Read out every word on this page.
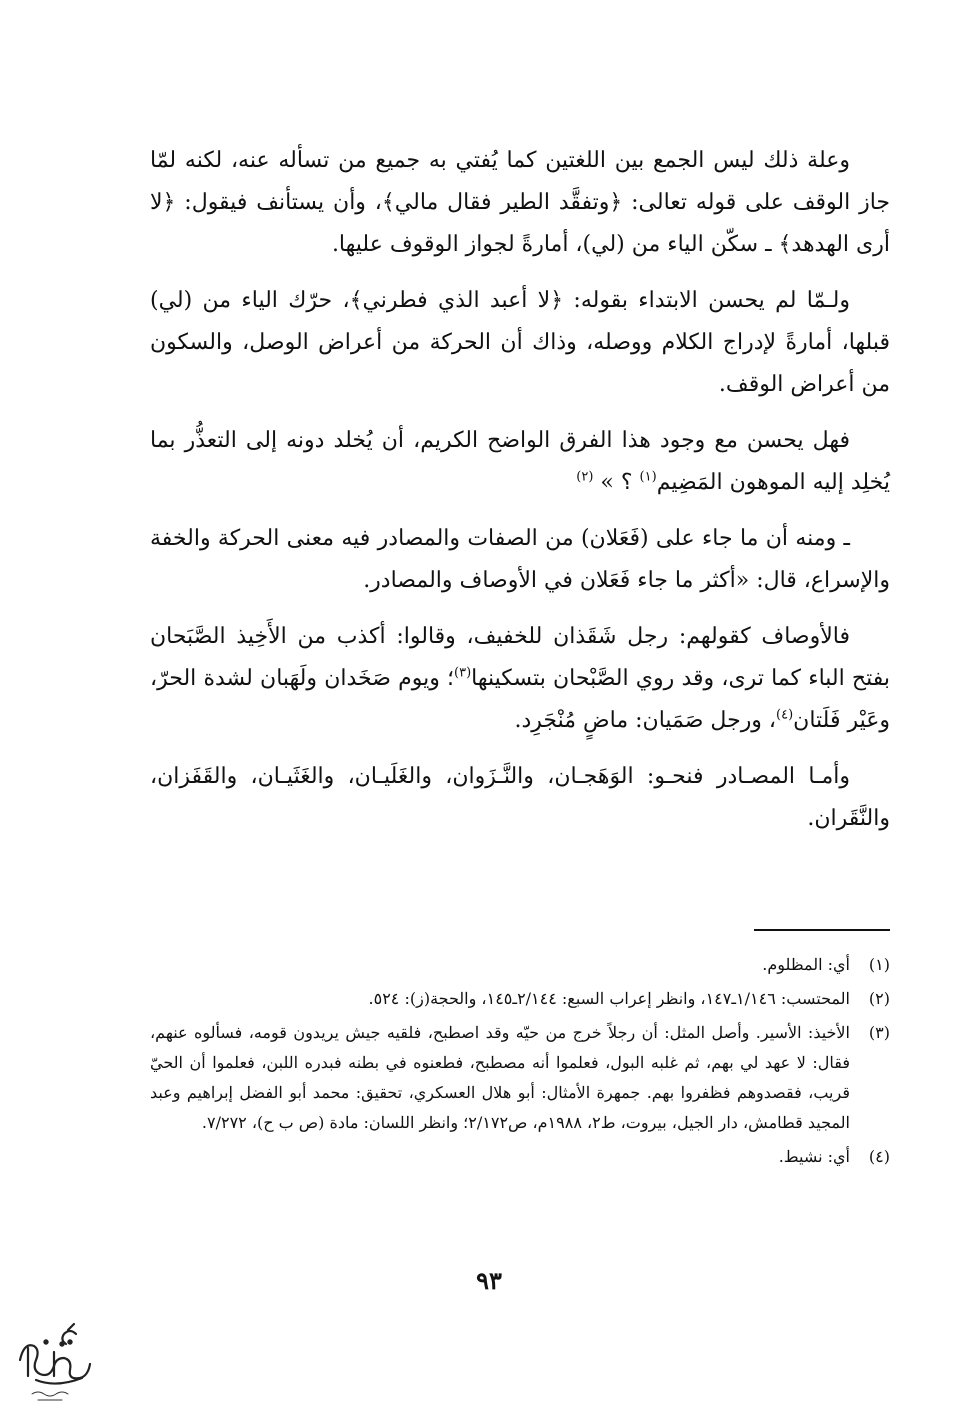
وعلة ذلك ليس الجمع بين اللغتين كما يُفتي به جميع من تسأله عنه، لكنه لمّا جاز الوقف على قوله تعالى: ﴿وتفقَّد الطير فقال مالي﴾، وأن يستأنف فيقول: ﴿لا أرى الهدهد﴾ ـ سكّن الياء من (لي)، أمارةً لجواز الوقوف عليها.

ولـمّا لم يحسن الابتداء بقوله: ﴿لا أعبد الذي فطرني﴾، حرّك الياء من (لي) قبلها، أمارةً لإدراج الكلام ووصله، وذاك أن الحركة من أعراض الوصل، والسكون من أعراض الوقف.

فهل يحسن مع وجود هذا الفرق الواضح الكريم، أن يُخلد دونه إلى التعذُّر بما يُخلِد إليه الموهون المَضِيم$^{(١)}$ ؟ » $^{(٢)}$

ـ ومنه أن ما جاء على (فَعَلان) من الصفات والمصادر فيه معنى الحركة والخفة والإسراع، قال: «أكثر ما جاء فَعَلان في الأوصاف والمصادر.

فالأوصاف كقولهم: رجل شَقَذان للخفيف، وقالوا: أكذب من الأَخِيذ الصَّبَحان بفتح الباء كما ترى، وقد روي الصَّبْحان بتسكينها$^{(٣)}$؛ ويوم صَخَدان ولَهَبان لشدة الحرّ، وعَيْر فَلَتان$^{(٤)}$، ورجل صَمَيان: ماضٍ مُنْجَرِد.

وأمـا المصـادر فنحـو: الوَهَجـان، والنَّـزَوان، والغَلَيـان، والغَثَيـان، والقَفَزان، والنَّقَران.

(١)
أي: المظلوم.
(٢)
المحتسب: ١/١٤٦ـ١٤٧، وانظر إعراب السبع: ٢/١٤٤ـ١٤٥، والحجة(ز): ٥٢٤.
(٣)
الأخيذ: الأسير. وأصل المثل: أن رجلاً خرج من حيّه وقد اصطبح، فلقيه جيش يريدون قومه، فسألوه عنهم، فقال: لا عهد لي بهم، ثم غلبه البول، فعلموا أنه مصطبح، فطعنوه في بطنه فبدره اللبن، فعلموا أن الحيّ قريب، فقصدوهم فظفروا بهم. جمهرة الأمثال: أبو هلال العسكري، تحقيق: محمد أبو الفضل إبراهيم وعبد المجيد قطامش، دار الجيل، بيروت، ط٢، ١٩٨٨م، ص٢/١٧٢؛ وانظر اللسان: مادة (ص ب ح)، ٧/٢٧٢.
(٤)
أي: نشيط.
٩٣
